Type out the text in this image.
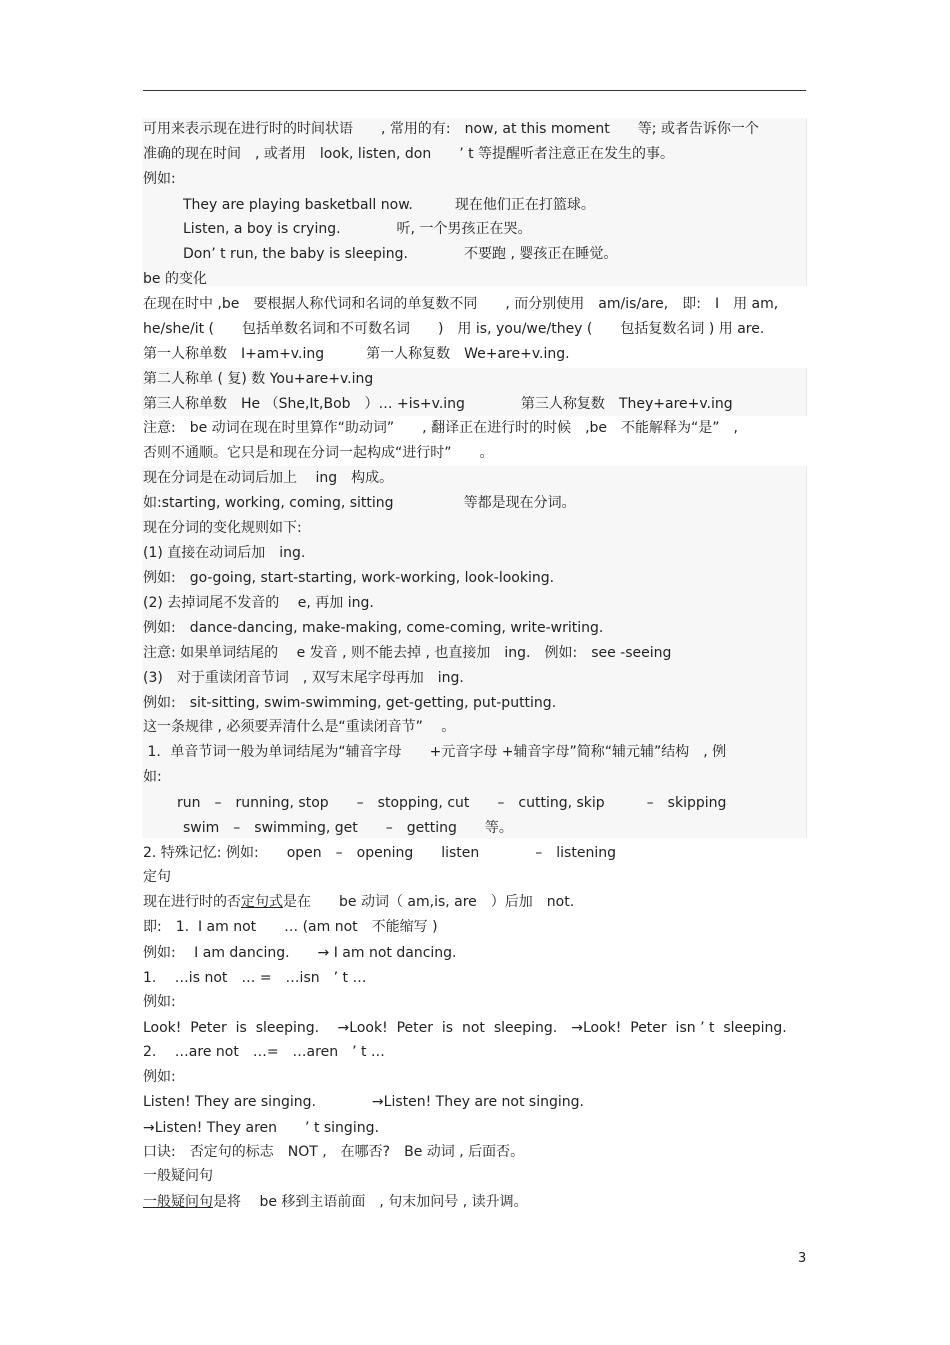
可用来表示现在进行时的时间状语　　, 常用的有:　now, at this moment　　等; 或者告诉你一个
准确的现在时间　, 或者用　look, listen, don　　’ t 等提醒听者注意正在发生的事。
例如:
They are playing basketball now.　　　现在他们正在打篮球。
Listen, a boy is crying.　　　　听, 一个男孩正在哭。
Don’ t run, the baby is sleeping.　　　　不要跑 , 婴孩正在睡觉。
be 的变化
在现在时中 ,be　要根据人称代词和名词的单复数不同　　, 而分别使用　am/is/are,　即:　I　用 am,
he/she/it (　　包括单数名词和不可数名词　　)　用 is, you/we/they (　　包括复数名词 ) 用 are.
第一人称单数　I+am+v.ing　　　第一人称复数　We+are+v.ing.
第二人称单 ( 复) 数 You+are+v.ing
第三人称单数　He （She,It,Bob　）… +is+v.ing　　　　第三人称复数　They+are+v.ing
注意:　be 动词在现在时里算作“助动词”　　, 翻译正在进行时的时候　,be　不能解释为“是”　,
否则不通顺。它只是和现在分词一起构成“进行时”　　。
现在分词是在动词后加上　 ing　构成。
如:starting, working, coming, sitting　　　　　等都是现在分词。
现在分词的变化规则如下:
(1) 直接在动词后加　ing.
例如:　go-going, start-starting, work-working, look-looking.
(2) 去掉词尾不发音的　 e, 再加 ing.
例如:　dance-dancing, make-making, come-coming, write-writing.
注意: 如果单词结尾的　 e 发音 , 则不能去掉 , 也直接加　ing.　例如:　see -seeing
(3)　对于重读闭音节词　, 双写末尾字母再加　ing.
例如:　sit-sitting, swim-swimming, get-getting, put-putting.
这一条规律 , 必须要弄清什么是“重读闭音节”　 。
1．单音节词一般为单词结尾为“辅音字母　　+元音字母 +辅音字母”简称“辅元辅”结构　, 例
如:
run　–　running, stop　　–　stopping, cut　　–　cutting, skip　　　–　skipping
swim　–　swimming, get　　–　getting　　等。
2. 特殊记忆: 例如:　　open　–　opening　　listen　　　　–　listening
定句
现在进行时的否定句式是在　　be 动词（ am,is, are　）后加　not.
即:　1.  I am not　　… (am not　不能缩写 )
例如:　 I am dancing.　　→ I am not dancing.
1.　 …is not　… =　…isn　’ t …
例如:
Look!  Peter  is  sleeping.　 →Look!  Peter  is  not  sleeping.　→Look!  Peter  isn ’ t  sleeping.
2.　 …are not　…=　…aren　’ t …
例如:
Listen! They are singing.　　　　→Listen! They are not singing.
→Listen! They aren　　’ t singing.
口诀:　否定句的标志　NOT ,　在哪否?　Be 动词 , 后面否。
一般疑问句
一般疑问句是将　 be 移到主语前面　, 句末加问号 , 读升调。
3
